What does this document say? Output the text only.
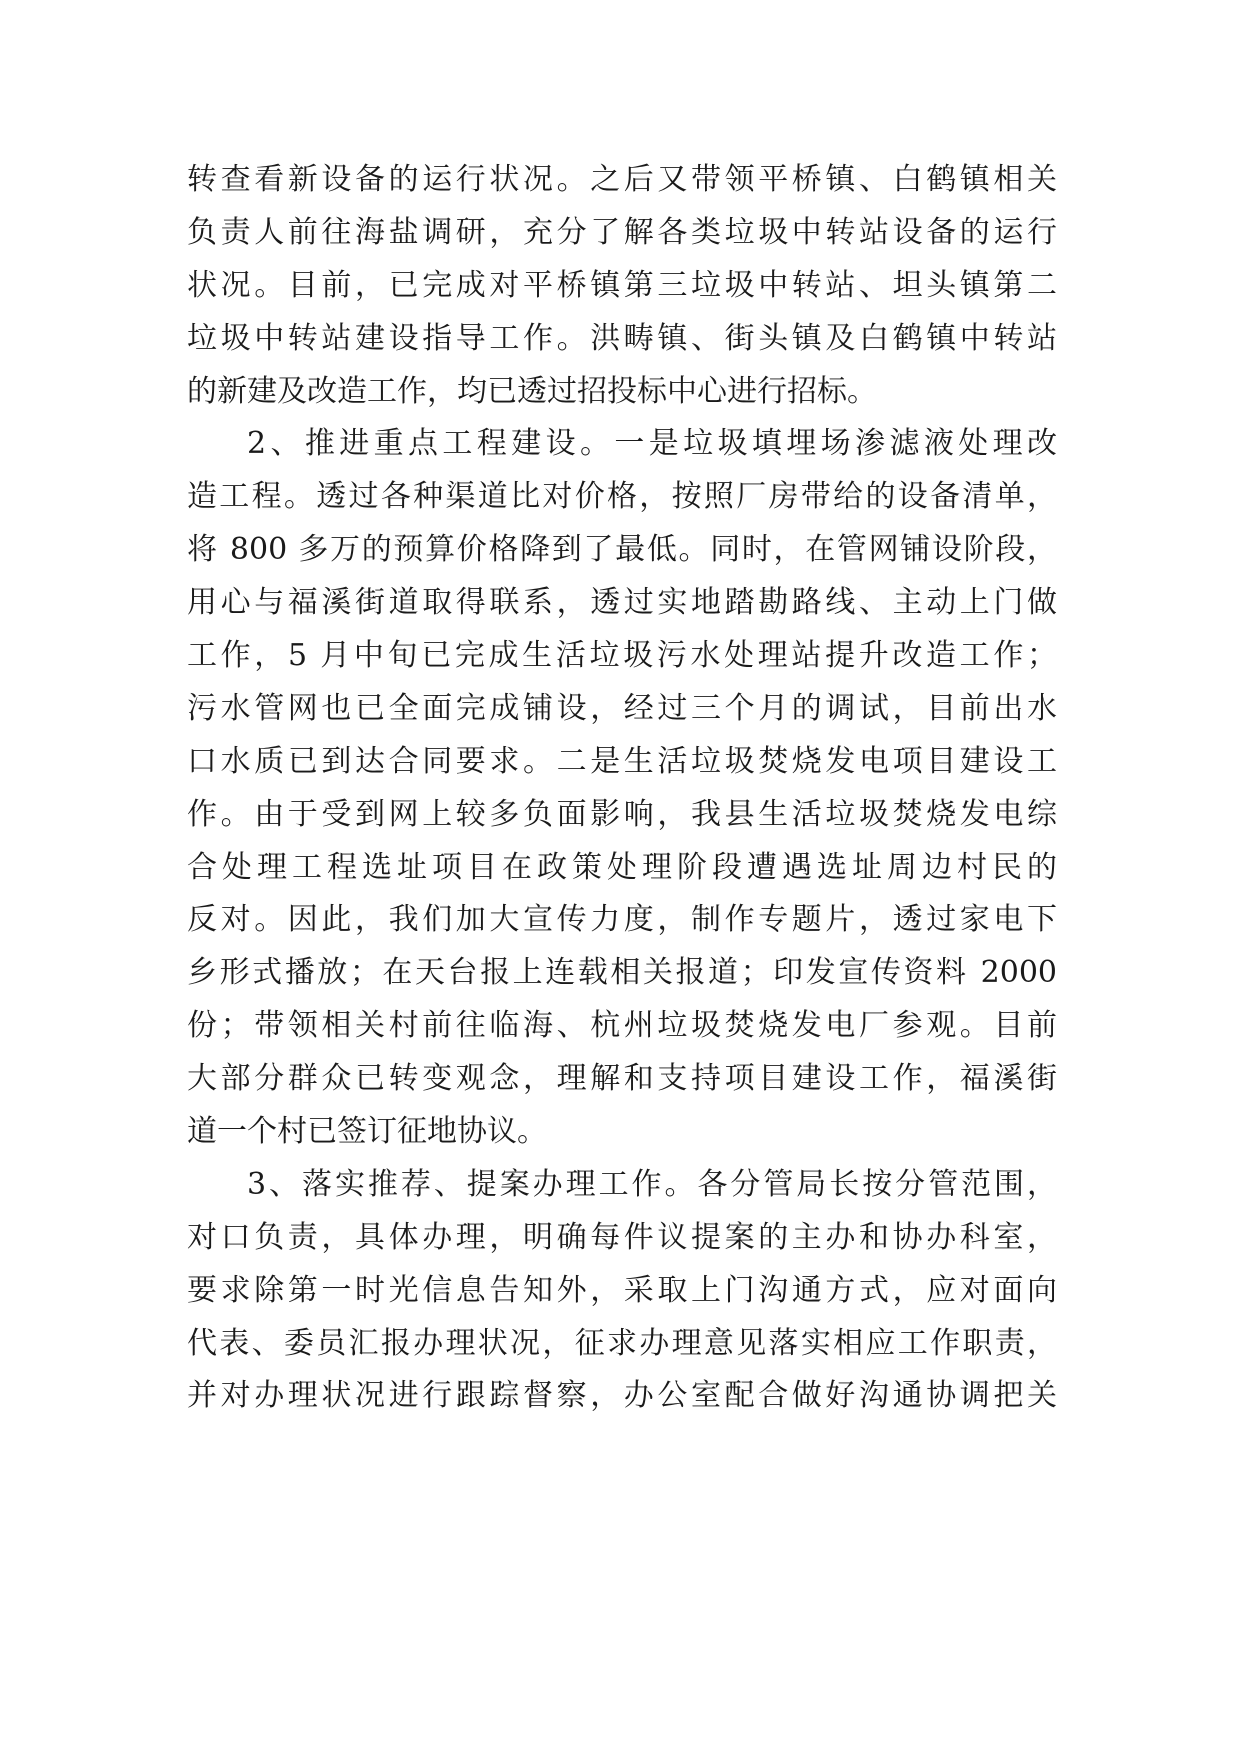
转查看新设备的运行状况。之后又带领平桥镇、白鹤镇相关
负责人前往海盐调研，充分了解各类垃圾中转站设备的运行
状况。目前，已完成对平桥镇第三垃圾中转站、坦头镇第二
垃圾中转站建设指导工作。洪畴镇、街头镇及白鹤镇中转站
的新建及改造工作，均已透过招投标中心进行招标。
2、推进重点工程建设。一是垃圾填埋场渗滤液处理改
造工程。透过各种渠道比对价格，按照厂房带给的设备清单，
将 800 多万的预算价格降到了最低。同时，在管网铺设阶段，
用心与福溪街道取得联系，透过实地踏勘路线、主动上门做
工作，5 月中旬已完成生活垃圾污水处理站提升改造工作；
污水管网也已全面完成铺设，经过三个月的调试，目前出水
口水质已到达合同要求。二是生活垃圾焚烧发电项目建设工
作。由于受到网上较多负面影响，我县生活垃圾焚烧发电综
合处理工程选址项目在政策处理阶段遭遇选址周边村民的
反对。因此，我们加大宣传力度，制作专题片，透过家电下
乡形式播放；在天台报上连载相关报道；印发宣传资料 2000
份；带领相关村前往临海、杭州垃圾焚烧发电厂参观。目前
大部分群众已转变观念，理解和支持项目建设工作，福溪街
道一个村已签订征地协议。
3、落实推荐、提案办理工作。各分管局长按分管范围，
对口负责，具体办理，明确每件议提案的主办和协办科室，
要求除第一时光信息告知外，采取上门沟通方式，应对面向
代表、委员汇报办理状况，征求办理意见落实相应工作职责，
并对办理状况进行跟踪督察，办公室配合做好沟通协调把关
